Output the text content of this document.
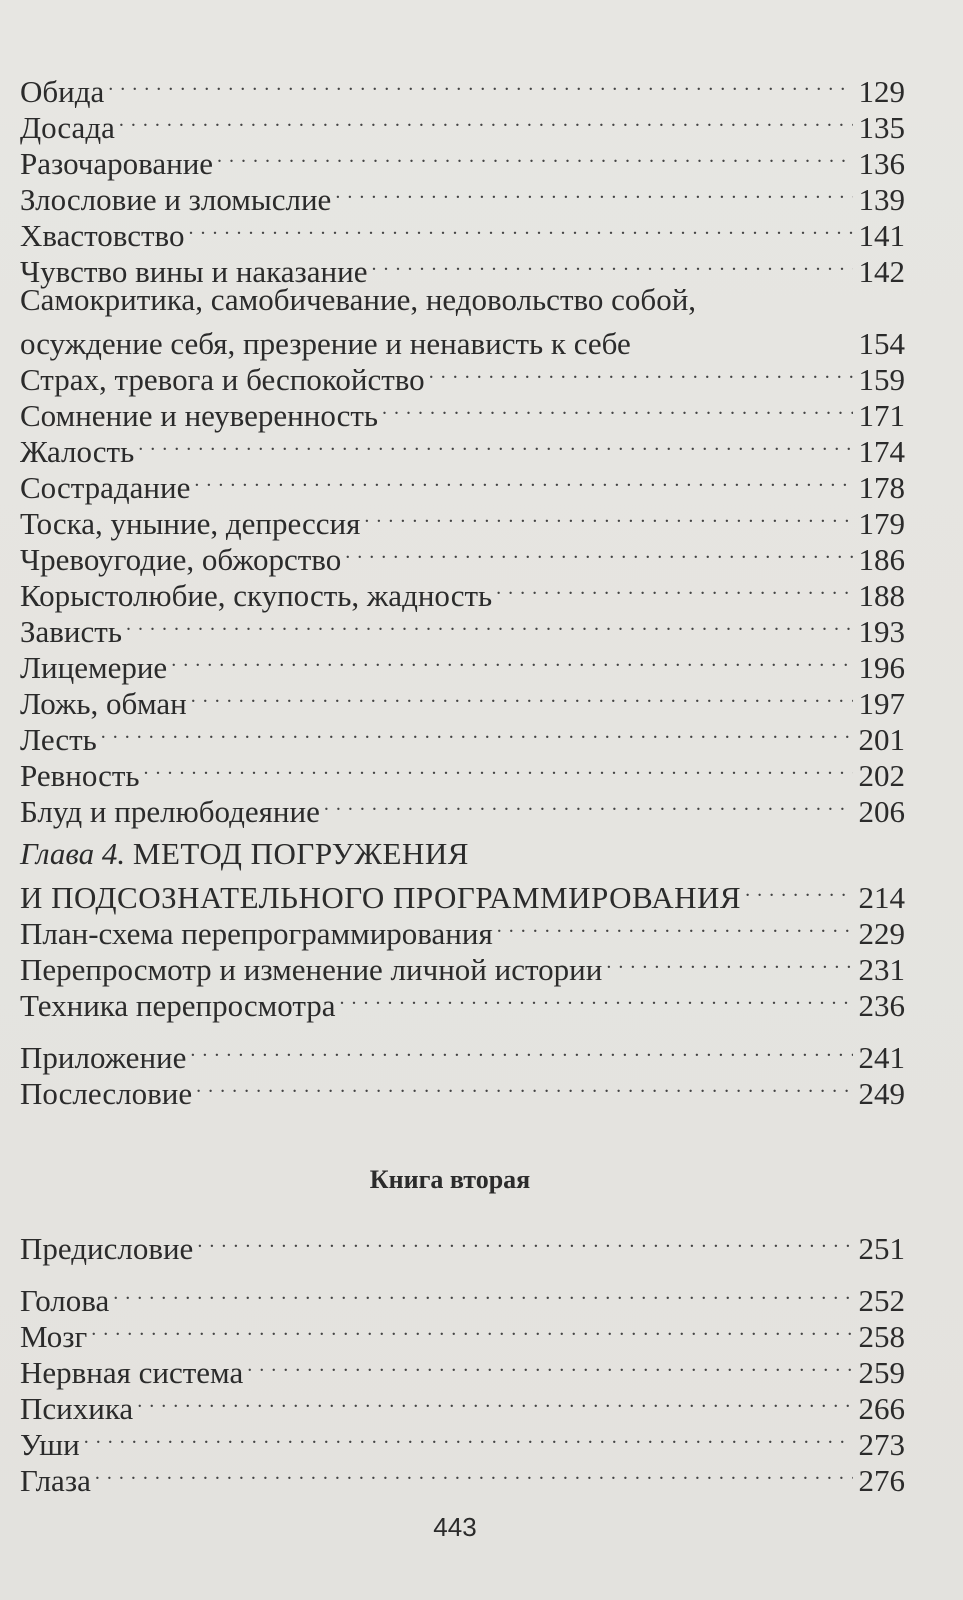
Обида . . .	129
Досада . . .	135
Разочарование . . .	136
Злословие и зломыслие . . .	139
Хвастовство . . .	141
Чувство вины и наказание . . .	142
Самокритика, самобичевание, недовольство собой,
осуждение себя, презрение и ненависть к себе	154
Страх, тревога и беспокойство . . .	159
Сомнение и неуверенность . . .	171
Жалость . . .	174
Сострадание . . .	178
Тоска, уныние, депрессия . . .	179
Чревоугодие, обжорство . . .	186
Корыстолюбие, скупость, жадность . . .	188
Зависть . . .	193
Лицемерие . . .	196
Ложь, обман . . .	197
Лесть . . .	201
Ревность . . .	202
Блуд и прелюбодеяние . . .	206
Глава 4. МЕТОД ПОГРУЖЕНИЯ
И ПОДСОЗНАТЕЛЬНОГО ПРОГРАММИРОВАНИЯ . . .	214
План-схема перепрограммирования . . .	229
Перепросмотр и изменение личной истории . . .	231
Техника перепросмотра . . .	236
Приложение . . .	241
Послесловие . . .	249
Книга вторая
Предисловие . . .	251
Голова . . .	252
Мозг . . .	258
Нервная система . . .	259
Психика . . .	266
Уши . . .	273
Глаза . . .	276
443
